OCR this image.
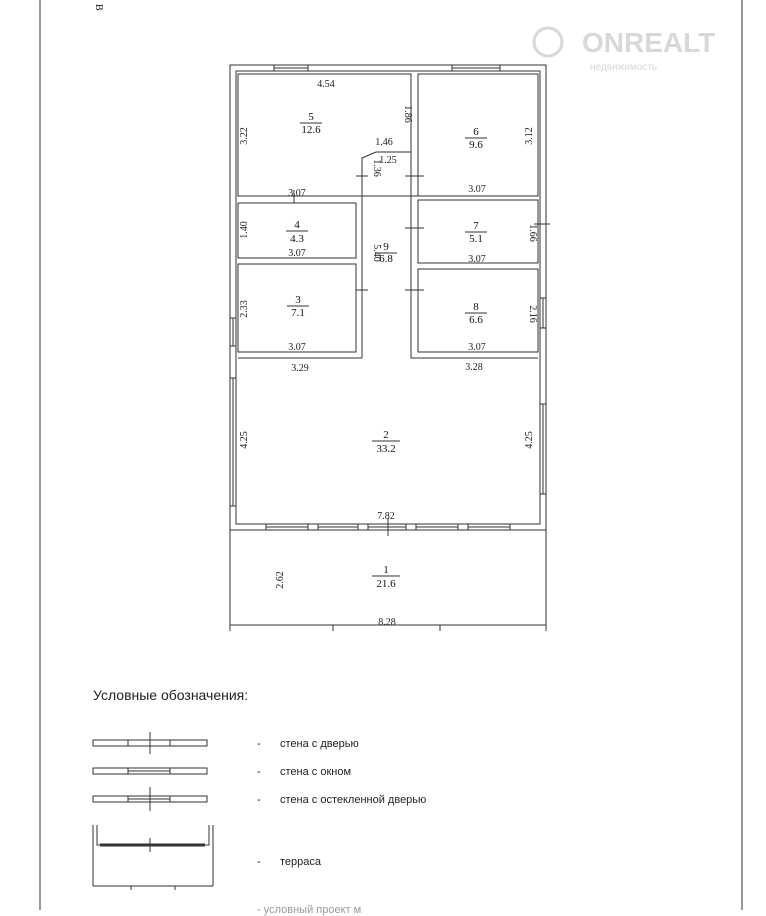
B
ONREALT
недвижимость
5
12.6	6
9.6
4
4.3
7
5.1
9
6.8
3
7.1	8
6.6
2
33.2
1
21.6
4.54
1.86
3.22
3.07
1.46
1.25
1.36
5.40
3.12
3.07
1.40
3.07
1.66
3.07
2.33
3.07
2.16
3.07
3.29	3.28
4.25	4.25
7.82
2.62
8.28
Условные обозначения:
- стена с дверью
- стена с окном
- стена с остекленной дверью
- терраса
- условный проект м
